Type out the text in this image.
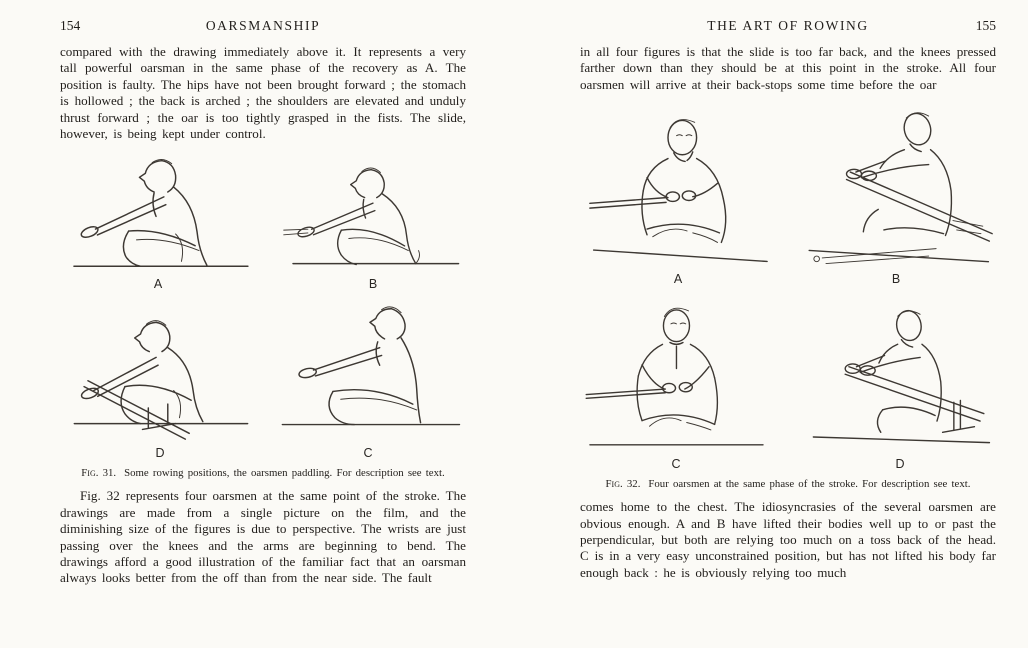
154	OARSMANSHIP

compared with the drawing immediately above it. It represents a very tall powerful oarsman in the same phase of the recovery as A. The position is faulty. The hips have not been brought forward ; the stomach is hollowed ; the back is arched ; the shoulders are elevated and unduly thrust forward ; the oar is too tightly grasped in the fists. The slide, however, is being kept under control.

A	B
D	C
Fig. 31. Some rowing positions, the oarsmen paddling. For description see text.

Fig. 32 represents four oarsmen at the same point of the stroke. The drawings are made from a single picture on the film, and the diminishing size of the figures is due to perspective. The wrists are just passing over the knees and the arms are beginning to bend. The drawings afford a good illustration of the familiar fact that an oarsman always looks better from the off than from the near side. The fault

THE ART OF ROWING	155

in all four figures is that the slide is too far back, and the knees pressed farther down than they should be at this point in the stroke. All four oarsmen will arrive at their back-stops some time before the oar

A	B
C	D
Fig. 32. Four oarsmen at the same phase of the stroke. For description see text.

comes home to the chest. The idiosyncrasies of the several oarsmen are obvious enough. A and B have lifted their bodies well up to or past the perpendicular, but both are relying too much on a toss back of the head. C is in a very easy unconstrained position, but has not lifted his body far enough back : he is obviously relying too much
